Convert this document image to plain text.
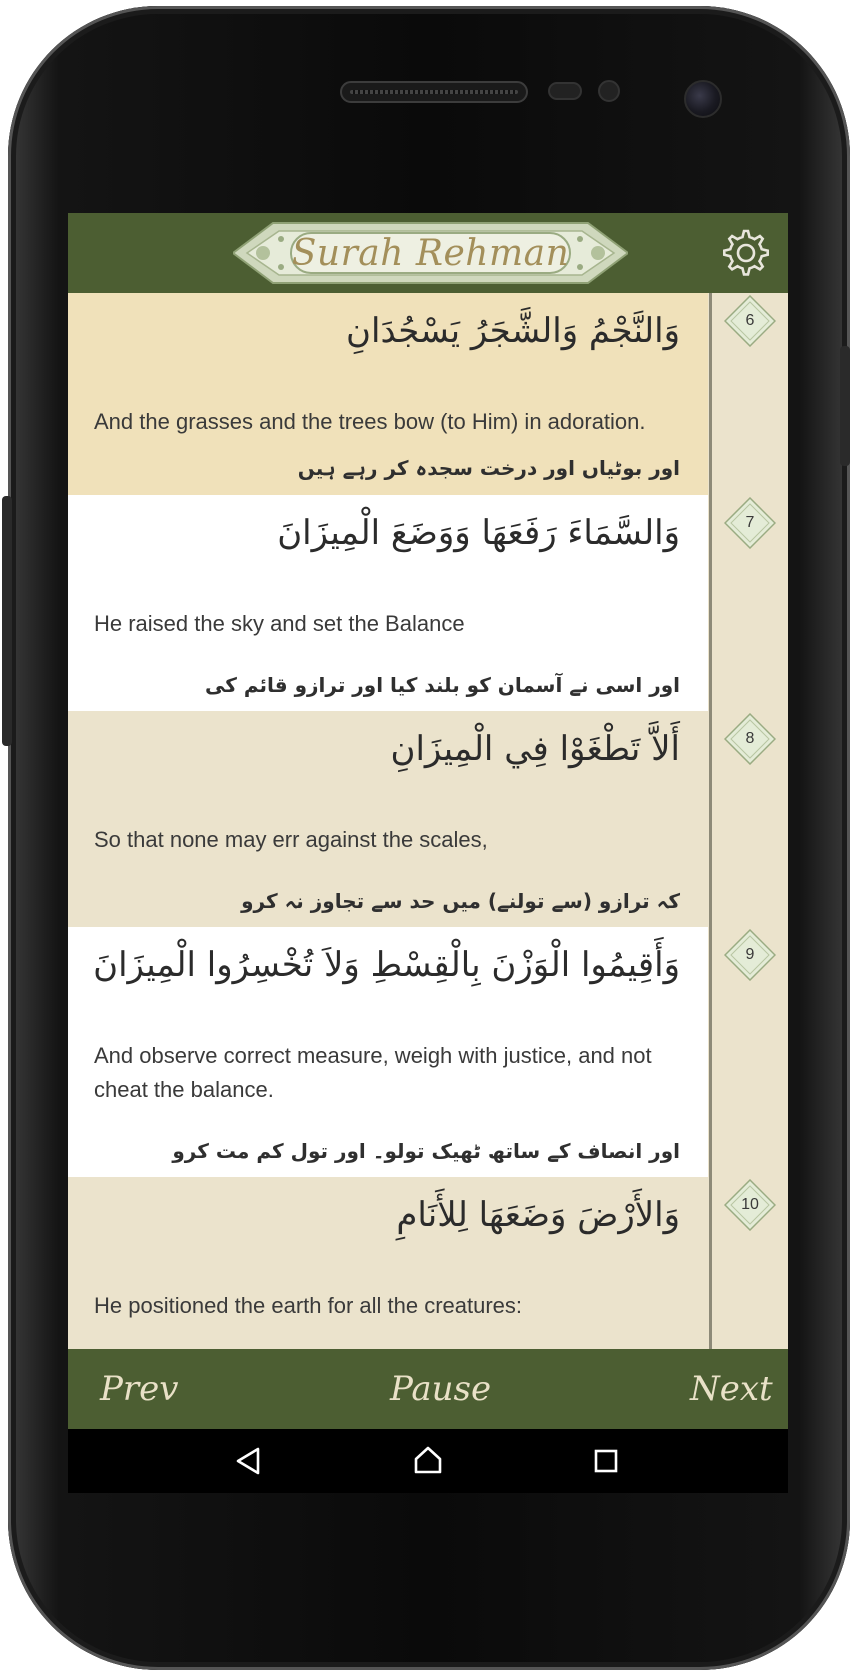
Surah Rehman
وَالنَّجْمُ وَالشَّجَرُ يَسْجُدَانِ
And the grasses and the trees bow (to Him) in adoration.
اور بوٹیاں اور درخت سجدہ کر رہے ہیں
6
وَالسَّمَاءَ رَفَعَهَا وَوَضَعَ الْمِيزَانَ
He raised the sky and set the Balance
اور اسی نے آسمان کو بلند کیا اور ترازو قائم کی
7
أَلاَّ تَطْغَوْا فِي الْمِيزَانِ
So that none may err against the scales,
کہ ترازو (سے تولنے) میں حد سے تجاوز نہ کرو
8
وَأَقِيمُوا الْوَزْنَ بِالْقِسْطِ وَلاَ تُخْسِرُوا الْمِيزَانَ
And observe correct measure, weigh with justice, and not cheat the balance.
اور انصاف کے ساتھ ٹھیک تولو۔ اور تول کم مت کرو
9
وَالأَرْضَ وَضَعَهَا لِلأَنَامِ
He positioned the earth for all the creatures:
10
Prev	Pause	Next
